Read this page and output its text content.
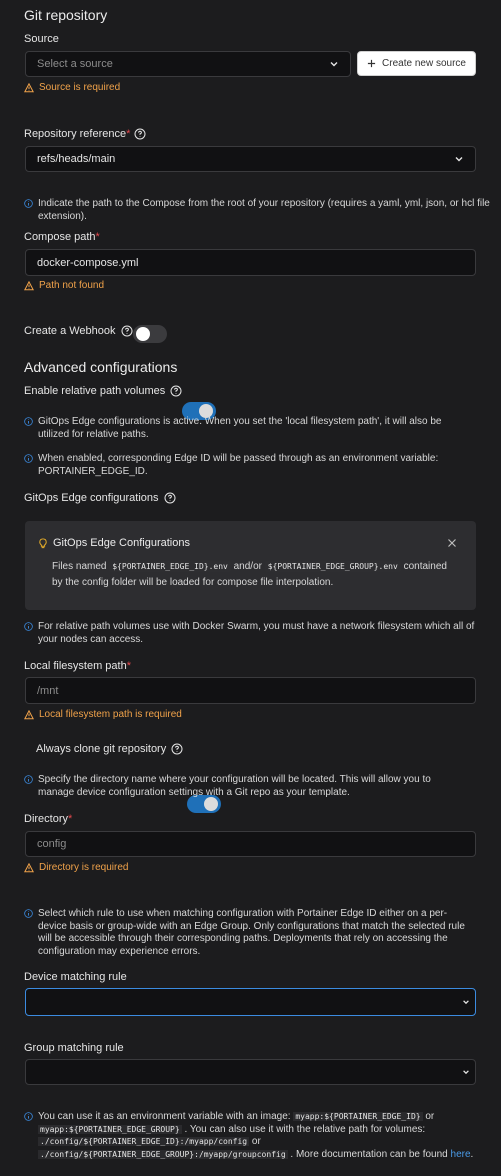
Git repository
Source
Select a source	Create new source
Source is required
Repository reference *
refs/heads/main
Indicate the path to the Compose from the root of your repository (requires a yaml, yml, json, or hcl file extension).
Compose path*
docker-compose.yml
Path not found
Create a Webhook
Advanced configurations
Enable relative path volumes
GitOps Edge configurations is active. When you set the 'local filesystem path', it will also be utilized for relative paths.
When enabled, corresponding Edge ID will be passed through as an environment variable: PORTAINER_EDGE_ID.
GitOps Edge configurations
GitOps Edge Configurations
Files named ${PORTAINER_EDGE_ID}.env and/or ${PORTAINER_EDGE_GROUP}.env contained by the config folder will be loaded for compose file interpolation.
For relative path volumes use with Docker Swarm, you must have a network filesystem which all of your nodes can access.
Local filesystem path*
/mnt
Local filesystem path is required
Always clone git repository
Specify the directory name where your configuration will be located. This will allow you to manage device configuration settings with a Git repo as your template.
Directory*
config
Directory is required
Select which rule to use when matching configuration with Portainer Edge ID either on a per-device basis or group-wide with an Edge Group. Only configurations that match the selected rule will be accessible through their corresponding paths. Deployments that rely on accessing the configuration may experience errors.
Device matching rule
Group matching rule
You can use it as an environment variable with an image: myapp:${PORTAINER_EDGE_ID} or myapp:${PORTAINER_EDGE_GROUP} . You can also use it with the relative path for volumes: ./config/${PORTAINER_EDGE_ID}:/myapp/config or ./config/${PORTAINER_EDGE_GROUP}:/myapp/groupconfig . More documentation can be found here.
